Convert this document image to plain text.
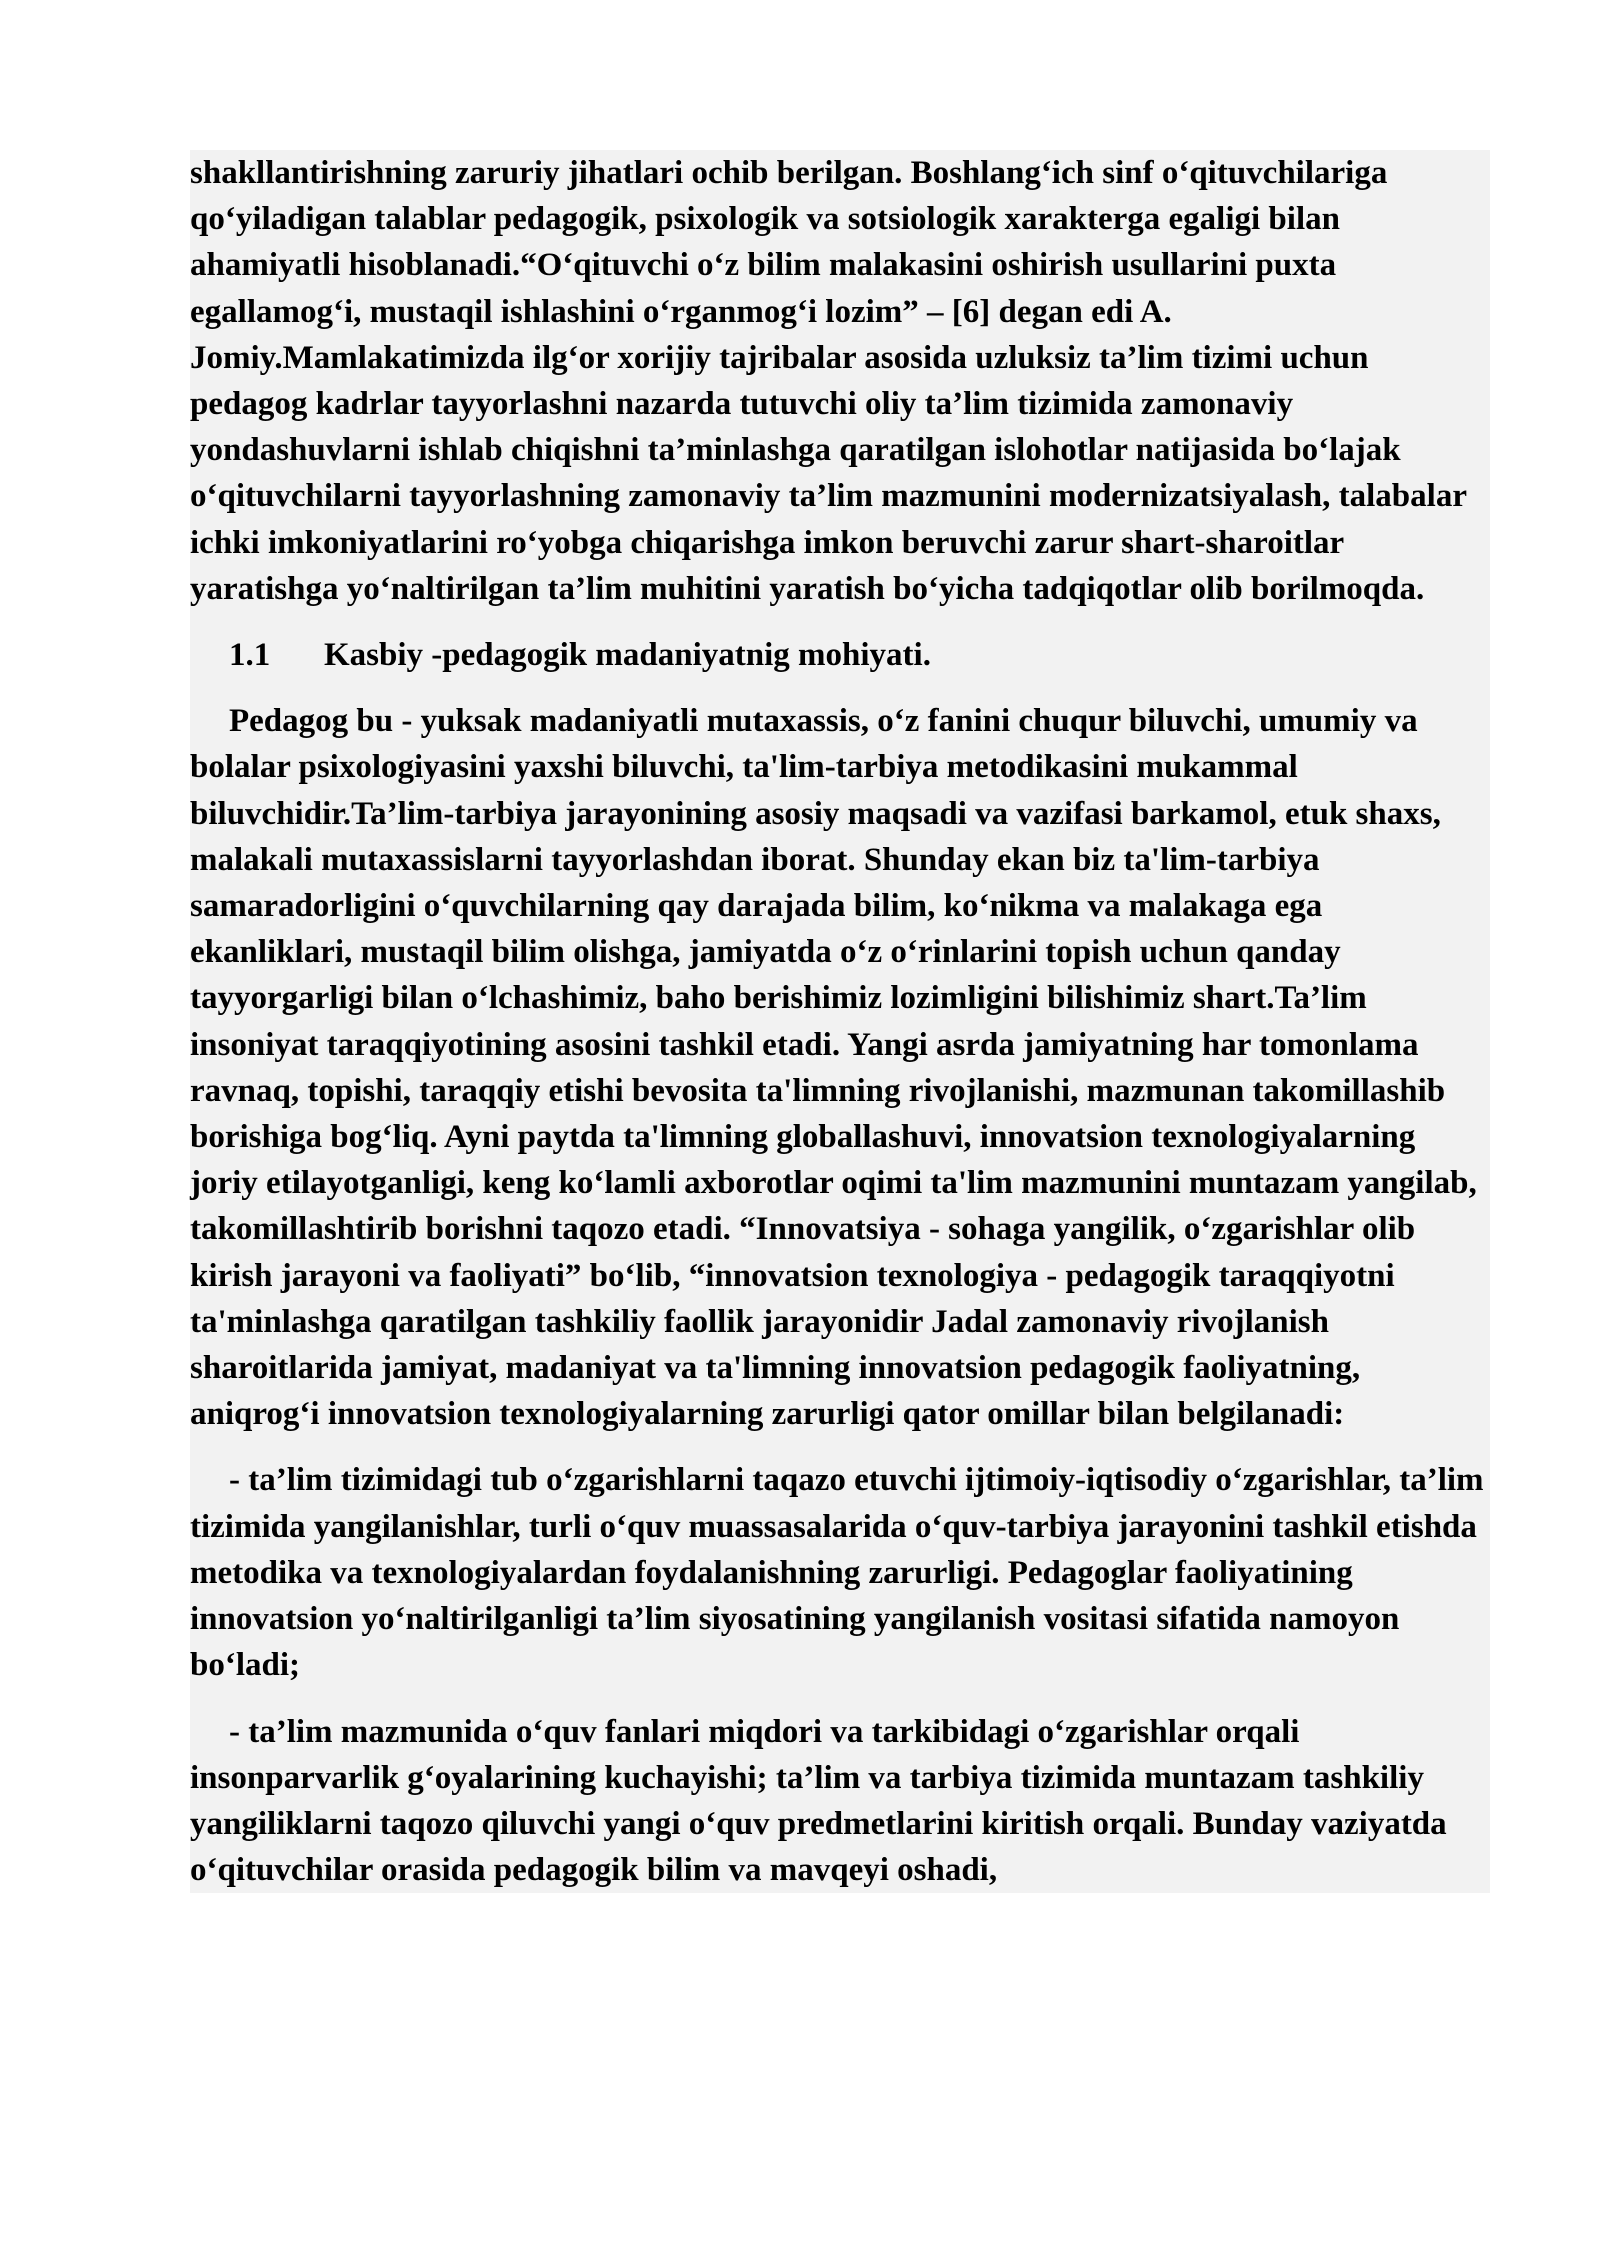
shakllantirishning zaruriy jihatlari ochib berilgan. Boshlang‘ich sinf o‘qituvchilariga qo‘yiladigan talablar pedagogik, psixologik va sotsiologik xarakterga egaligi bilan ahamiyatli hisoblanadi.“O‘qituvchi o‘z bilim malakasini oshirish usullarini puxta egallamog‘i, mustaqil ishlashini o‘rganmog‘i lozim” – [6] degan edi A. Jomiy.Mamlakatimizda ilg‘or xorijiy tajribalar asosida uzluksiz ta’lim tizimi uchun pedagog kadrlar tayyorlashni nazarda tutuvchi oliy ta’lim tizimida zamonaviy yondashuvlarni ishlab chiqishni ta’minlashga qaratilgan islohotlar natijasida bo‘lajak o‘qituvchilarni tayyorlashning zamonaviy ta’lim mazmunini modernizatsiyalash, talabalar ichki imkoniyatlarini ro‘yobga chiqarishga imkon beruvchi zarur shart-sharoitlar yaratishga yo‘naltirilgan ta’lim muhitini yaratish bo‘yicha tadqiqotlar olib borilmoqda.

1.1	Kasbiy -pedagogik madaniyatnig mohiyati.

Pedagog bu - yuksak madaniyatli mutaxassis, o‘z fanini chuqur biluvchi, umumiy va bolalar psixologiyasini yaxshi biluvchi, ta'lim-tarbiya metodikasini mukammal biluvchidir.Ta’lim-tarbiya jarayonining asosiy maqsadi va vazifasi barkamol, etuk shaxs, malakali mutaxassislarni tayyorlashdan iborat. Shunday ekan biz ta'lim-tarbiya samaradorligini o‘quvchilarning qay darajada bilim, ko‘nikma va malakaga ega ekanliklari, mustaqil bilim olishga, jamiyatda o‘z o‘rinlarini topish uchun qanday tayyorgarligi bilan o‘lchashimiz, baho berishimiz lozimligini bilishimiz shart.Ta’lim insoniyat taraqqiyotining asosini tashkil etadi. Yangi asrda jamiyatning har tomonlama ravnaq, topishi, taraqqiy etishi bevosita ta'limning rivojlanishi, mazmunan takomillashib borishiga bog‘liq. Ayni paytda ta'limning globallashuvi, innovatsion texnologiyalarning joriy etilayotganligi, keng ko‘lamli axborotlar oqimi ta'lim mazmunini muntazam yangilab, takomillashtirib borishni taqozo etadi. “Innovatsiya - sohaga yangilik, o‘zgarishlar olib kirish jarayoni va faoliyati” bo‘lib, “innovatsion texnologiya - pedagogik taraqqiyotni ta'minlashga qaratilgan tashkiliy faollik jarayonidir Jadal zamonaviy rivojlanish sharoitlarida jamiyat, madaniyat va ta'limning innovatsion pedagogik faoliyatning, aniqrog‘i innovatsion texnologiyalarning zarurligi qator omillar bilan belgilanadi:

- ta’lim tizimidagi tub o‘zgarishlarni taqazo etuvchi ijtimoiy-iqtisodiy o‘zgarishlar, ta’lim tizimida yangilanishlar, turli o‘quv muassasalarida o‘quv-tarbiya jarayonini tashkil etishda metodika va texnologiyalardan foydalanishning zarurligi. Pedagoglar faoliyatining innovatsion yo‘naltirilganligi ta’lim siyosatining yangilanish vositasi sifatida namoyon bo‘ladi;

- ta’lim mazmunida o‘quv fanlari miqdori va tarkibidagi o‘zgarishlar orqali insonparvarlik g‘oyalarining kuchayishi; ta’lim va tarbiya tizimida muntazam tashkiliy yangiliklarni taqozo qiluvchi yangi o‘quv predmetlarini kiritish orqali. Bunday vaziyatda o‘qituvchilar orasida pedagogik bilim va mavqeyi oshadi,
